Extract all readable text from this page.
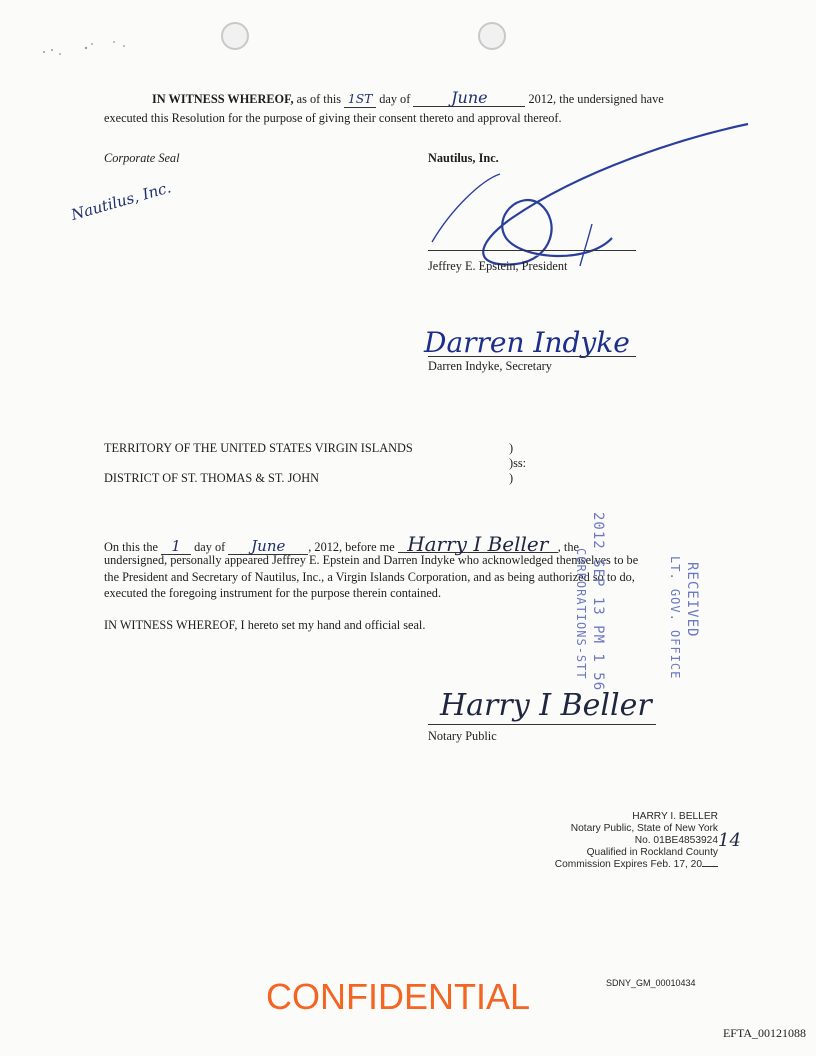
IN WITNESS WHEREOF, as of this 1ST day of June	2012, the undersigned have
executed this Resolution for the purpose of giving their consent thereto and approval thereof.
Corporate Seal
Nautilus, Inc.
Nautilus, Inc.
Jeffrey E. Epstein, President
Darren Indyke
Darren Indyke, Secretary
TERRITORY OF THE UNITED STATES VIRGIN ISLANDS
DISTRICT OF ST. THOMAS & ST. JOHN
)
)ss:
)
On this the 1 day of June , 2012, before me Harry I Beller , the
undersigned, personally appeared Jeffrey E. Epstein and Darren Indyke who acknowledged themselves to be
the President and Secretary of Nautilus, Inc., a Virgin Islands Corporation, and as being authorized so to do,
executed the foregoing instrument for the purpose therein contained.
IN WITNESS WHEREOF, I hereto set my hand and official seal.	2012 SEP 13 PM 1 56
CORPORATIONS-STT	RECEIVED
LT. GOV. OFFICE
Harry I Beller
Notary Public
HARRY I. BELLER
Notary Public, State of New York
No. 01BE4853924
Qualified in Rockland County
Commission Expires Feb. 17, 20
14
CONFIDENTIAL	SDNY_GM_00010434
EFTA_00121088
